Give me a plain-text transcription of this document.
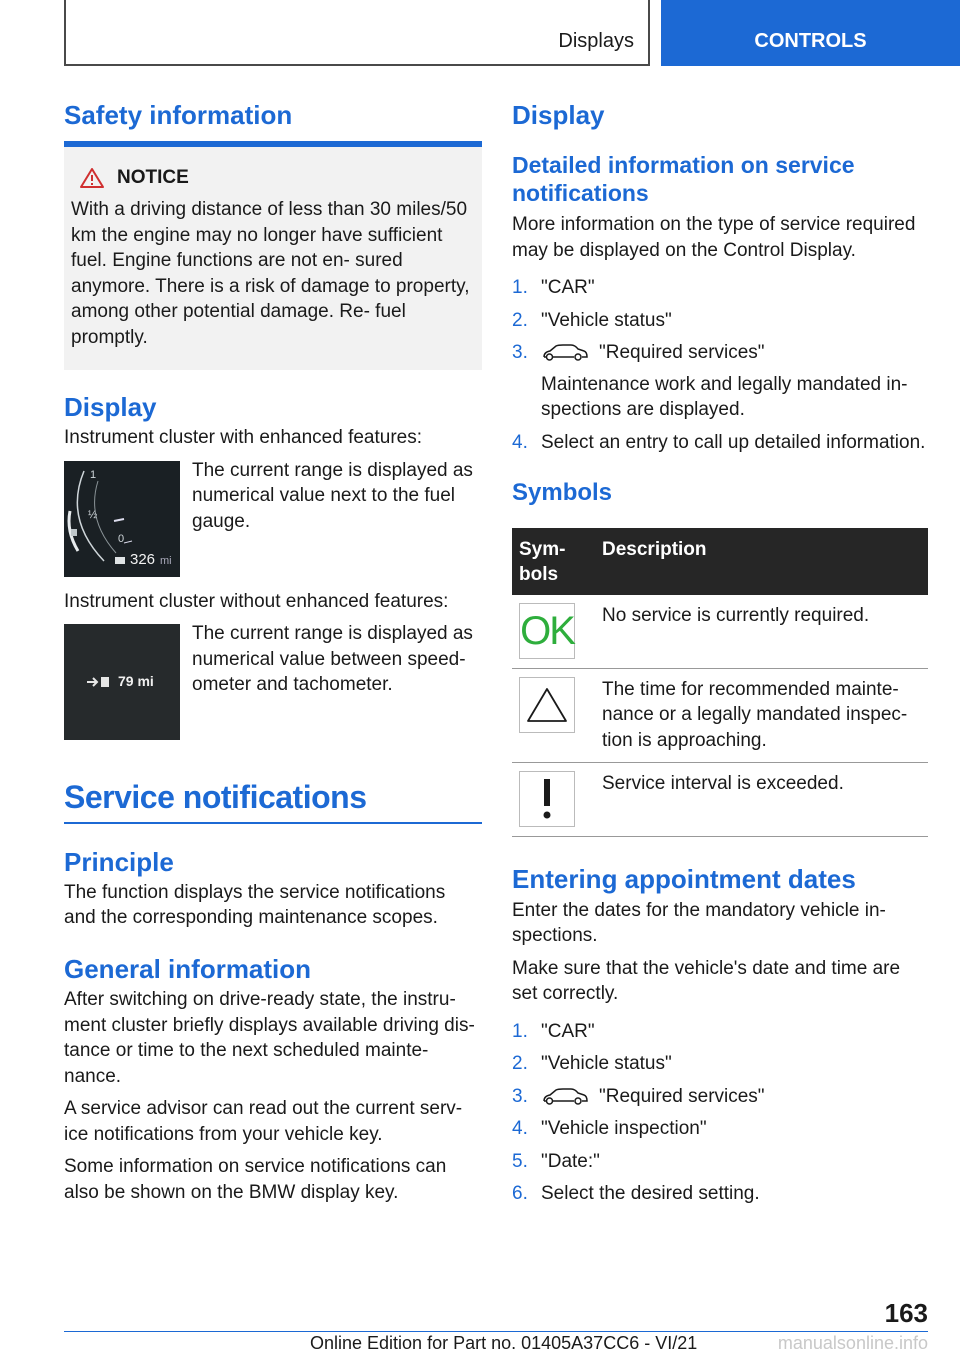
Displays	CONTROLS
Safety information
NOTICE

With a driving distance of less than 30 miles/50 km the engine may no longer have sufficient fuel. Engine functions are not en‐ sured anymore. There is a risk of damage to property, among other potential damage. Re‐ fuel promptly.

Display

Instrument cluster with enhanced features:

1
½
0
326 mi

The current range is displayed as numerical value next to the fuel gauge.

Instrument cluster without enhanced features:

79 mi

The current range is displayed as numerical value between speed‐ ometer and tachometer.

Service notifications
Principle

The function displays the service notifications and the corresponding maintenance scopes.

General information

After switching on drive-ready state, the instru‐ ment cluster briefly displays available driving dis‐ tance or time to the next scheduled mainte‐ nance.

A service advisor can read out the current serv‐ ice notifications from your vehicle key.

Some information on service notifications can also be shown on the BMW display key.

Display
Detailed information on service notifications

More information on the type of service required may be displayed on the Control Display.

1. "CAR"
2. "Vehicle status"
3.	"Required services"

Maintenance work and legally mandated in‐ spections are displayed.
4. Select an entry to call up detailed information.
Symbols
Sym‐ bols	Description

OK	No service is currently required.

	The time for recommended mainte‐ nance or a legally mandated inspec‐ tion is approaching.

	Service interval is exceeded.
Entering appointment dates

Enter the dates for the mandatory vehicle in‐ spections.

Make sure that the vehicle's date and time are set correctly.

1. "CAR"
2. "Vehicle status"
3.	"Required services"
4. "Vehicle inspection"
5. "Date:"
6. Select the desired setting.
163
Online Edition for Part no. 01405A37CC6 - VI/21	manualsonline.info
